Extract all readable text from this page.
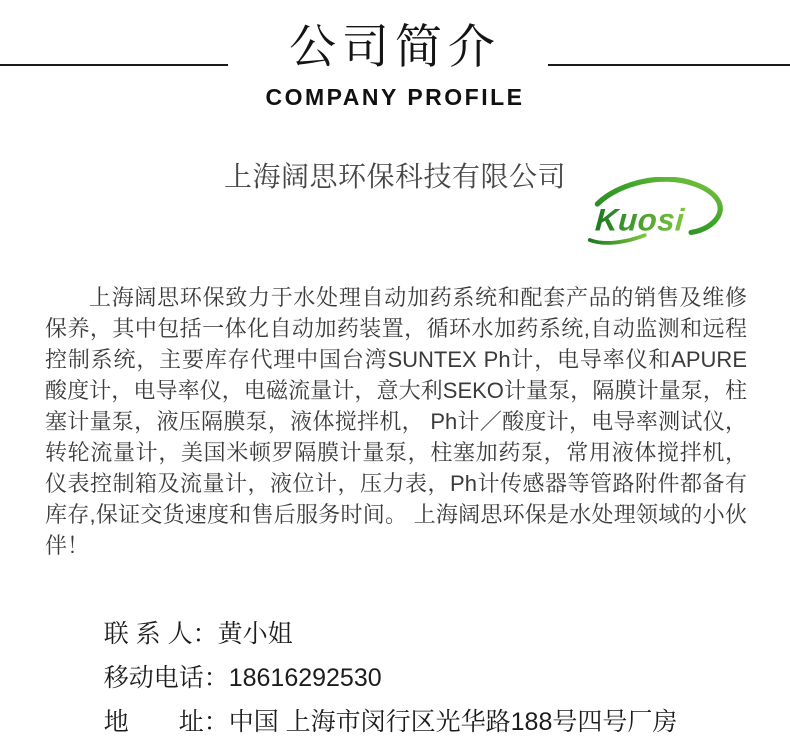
公司简介
COMPANY PROFILE
上海阔思环保科技有限公司
Kuosi

上海阔思环保致力于水处理自动加药系统和配套产品的销售及维修保养，其中包括一体化自动加药装置，循环水加药系统,自动监测和远程控制系统，主要库存代理中国台湾SUNTEX Ph计，电导率仪和APURE酸度计，电导率仪，电磁流量计，意大利SEKO计量泵，隔膜计量泵，柱塞计量泵，液压隔膜泵，液体搅拌机， Ph计／酸度计，电导率测试仪，转轮流量计，美国米顿罗隔膜计量泵，柱塞加药泵，常用液体搅拌机，仪表控制箱及流量计，液位计，压力表，Ph计传感器等管路附件都备有库存,保证交货速度和售后服务时间。 上海阔思环保是水处理领域的小伙伴！

联 系 人：黄小姐

移动电话：18616292530

地　　址：中国 上海市闵行区光华路188号四号厂房
